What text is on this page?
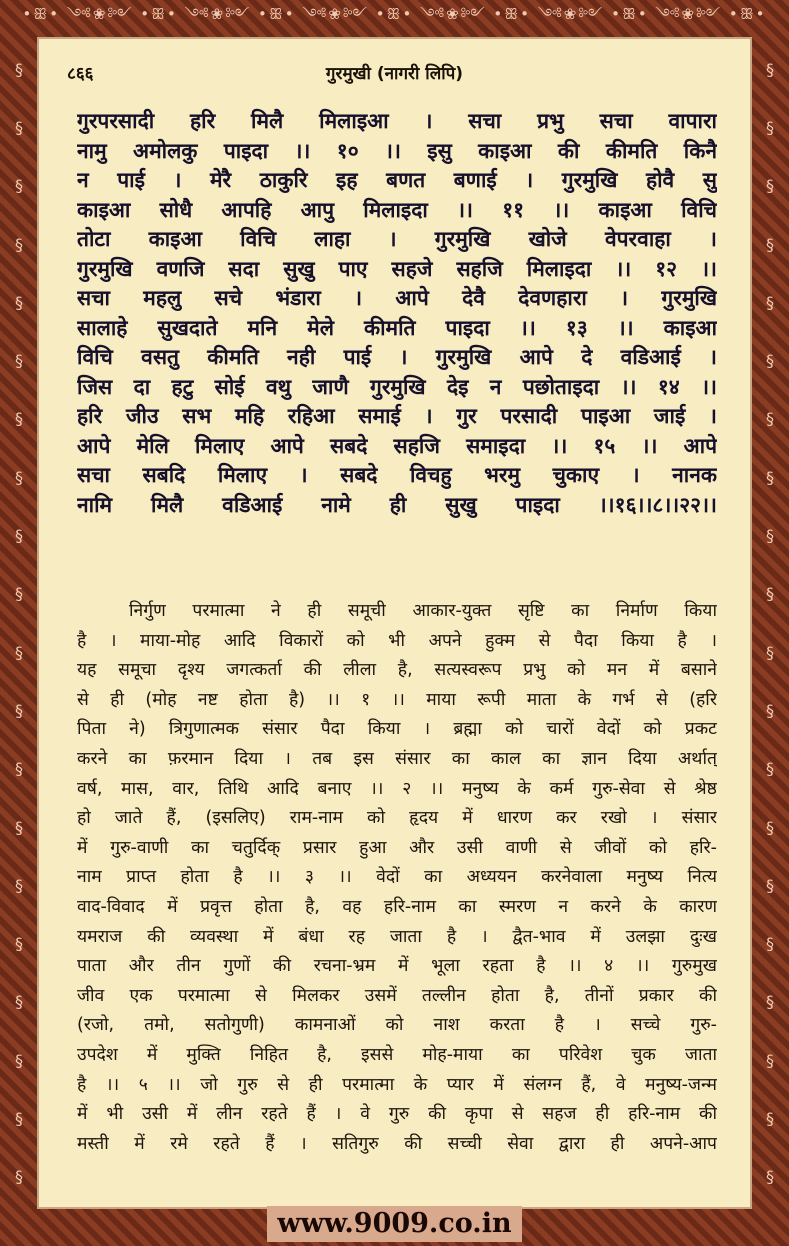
•ꕥ• ༺❀༻ •ꕥ• ༺❀༻ •ꕥ• ༺❀༻ •ꕥ• ༺❀༻ •ꕥ• ༺❀༻ •ꕥ• ༺❀༻ •ꕥ•
§
§
§
§
§
§
§
§
§
§
§
§
§
§
§
§
§
§
§
§
§
§
§
§
§
§
§
§
§
§
§
§
§
§
§
§
§
§
§
§
८६६	गुरमुखी (नागरी लिपि)
गुरपरसादी हरि मिलै मिलाइआ । सचा प्रभु सचा वापारा
नामु अमोलकु पाइदा ।। १० ।। इसु काइआ की कीमति किनै
न पाई । मेरै ठाकुरि इह बणत बणाई । गुरमुखि होवै सु
काइआ सोधै आपहि आपु मिलाइदा ।। ११ ।। काइआ विचि
तोटा काइआ विचि लाहा । गुरमुखि खोजे वेपरवाहा ।
गुरमुखि वणजि सदा सुखु पाए सहजे सहजि मिलाइदा ।। १२ ।।
सचा महलु सचे भंडारा । आपे देवै देवणहारा । गुरमुखि
सालाहे सुखदाते मनि मेले कीमति पाइदा ।। १३ ।। काइआ
विचि वसतु कीमति नही पाई । गुरमुखि आपे दे वडिआई ।
जिस दा हटु सोई वथु जाणै गुरमुखि देइ न पछोताइदा ।। १४ ।।
हरि जीउ सभ महि रहिआ समाई । गुर परसादी पाइआ जाई ।
आपे मेलि मिलाए आपे सबदे सहजि समाइदा ।। १५ ।। आपे
सचा सबदि मिलाए । सबदे विचहु भरमु चुकाए । नानक
नामि मिलै वडिआई नामे ही सुखु पाइदा ।।१६।।८।।२२।।
निर्गुण परमात्मा ने ही समूची आकार-युक्त सृष्टि का निर्माण किया
है । माया-मोह आदि विकारों को भी अपने हुक्म से पैदा किया है ।
यह समूचा दृश्य जगत्कर्ता की लीला है, सत्यस्वरूप प्रभु को मन में बसाने
से ही (मोह नष्ट होता है) ।। १ ।। माया रूपी माता के गर्भ से (हरि
पिता ने) त्रिगुणात्मक संसार पैदा किया । ब्रह्मा को चारों वेदों को प्रकट
करने का फ़रमान दिया । तब इस संसार का काल का ज्ञान दिया अर्थात्
वर्ष, मास, वार, तिथि आदि बनाए ।। २ ।। मनुष्य के कर्म गुरु-सेवा से श्रेष्ठ
हो जाते हैं, (इसलिए) राम-नाम को हृदय में धारण कर रखो । संसार
में गुरु-वाणी का चतुर्दिक् प्रसार हुआ और उसी वाणी से जीवों को हरि-
नाम प्राप्त होता है ।। ३ ।। वेदों का अध्ययन करनेवाला मनुष्य नित्य
वाद-विवाद में प्रवृत्त होता है, वह हरि-नाम का स्मरण न करने के कारण
यमराज की व्यवस्था में बंधा रह जाता है । द्वैत-भाव में उलझा दुःख
पाता और तीन गुणों की रचना-भ्रम में भूला रहता है ।। ४ ।। गुरुमुख
जीव एक परमात्मा से मिलकर उसमें तल्लीन होता है, तीनों प्रकार की
(रजो, तमो, सतोगुणी) कामनाओं को नाश करता है । सच्चे गुरु-
उपदेश में मुक्ति निहित है, इससे मोह-माया का परिवेश चुक जाता
है ।। ५ ।। जो गुरु से ही परमात्मा के प्यार में संलग्न हैं, वे मनुष्य-जन्म
में भी उसी में लीन रहते हैं । वे गुरु की कृपा से सहज ही हरि-नाम की
मस्ती में रमे रहते हैं । सतिगुरु की सच्ची सेवा द्वारा ही अपने-आप
www.9009.co.in
